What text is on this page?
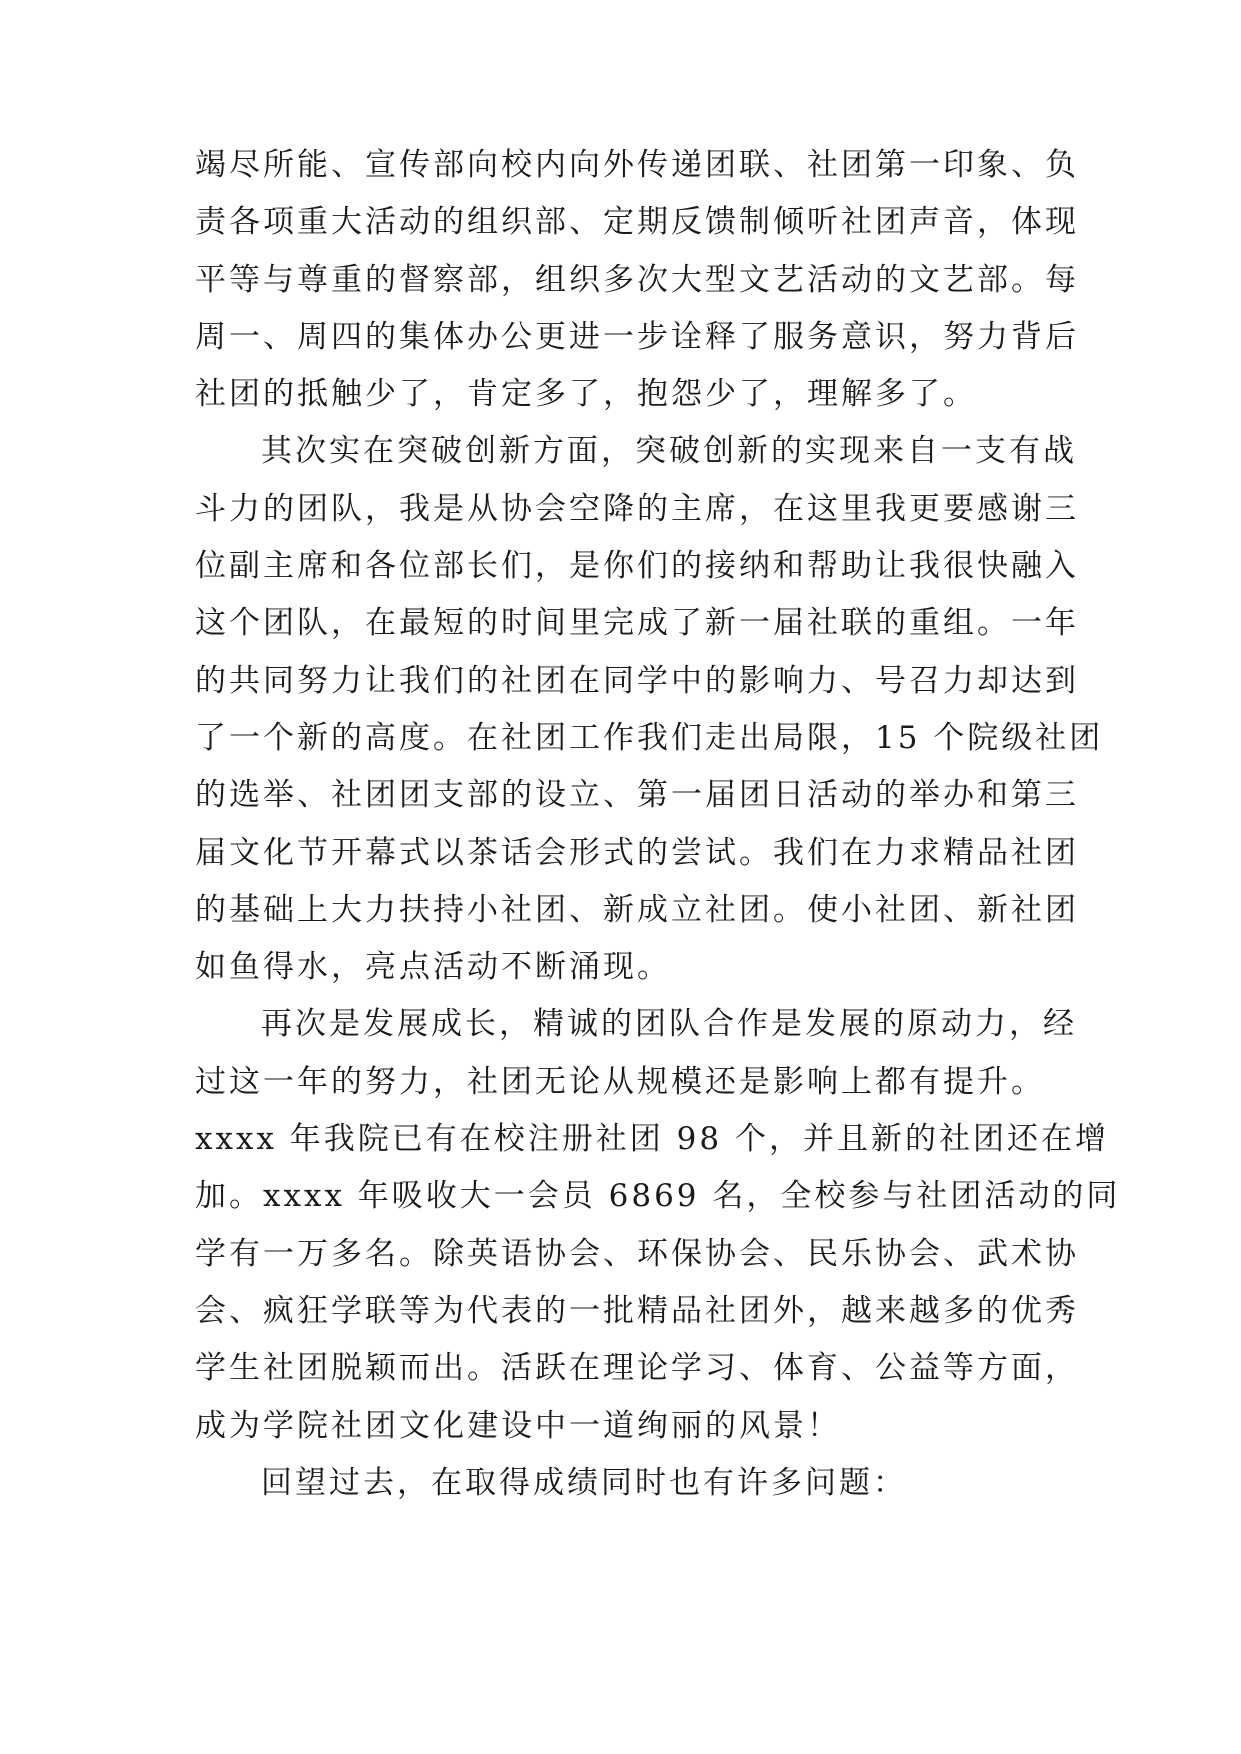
竭尽所能、宣传部向校内向外传递团联、社团第一印象、负
责各项重大活动的组织部、定期反馈制倾听社团声音，体现
平等与尊重的督察部，组织多次大型文艺活动的文艺部。每
周一、周四的集体办公更进一步诠释了服务意识，努力背后
社团的抵触少了，肯定多了，抱怨少了，理解多了。
其次实在突破创新方面，突破创新的实现来自一支有战
斗力的团队，我是从协会空降的主席，在这里我更要感谢三
位副主席和各位部长们，是你们的接纳和帮助让我很快融入
这个团队，在最短的时间里完成了新一届社联的重组。一年
的共同努力让我们的社团在同学中的影响力、号召力却达到
了一个新的高度。在社团工作我们走出局限，15 个院级社团
的选举、社团团支部的设立、第一届团日活动的举办和第三
届文化节开幕式以茶话会形式的尝试。我们在力求精品社团
的基础上大力扶持小社团、新成立社团。使小社团、新社团
如鱼得水，亮点活动不断涌现。
再次是发展成长，精诚的团队合作是发展的原动力，经
过这一年的努力，社团无论从规模还是影响上都有提升。
xxxx 年我院已有在校注册社团 98 个，并且新的社团还在增
加。xxxx 年吸收大一会员 6869 名，全校参与社团活动的同
学有一万多名。除英语协会、环保协会、民乐协会、武术协
会、疯狂学联等为代表的一批精品社团外，越来越多的优秀
学生社团脱颖而出。活跃在理论学习、体育、公益等方面，
成为学院社团文化建设中一道绚丽的风景！
回望过去，在取得成绩同时也有许多问题：
